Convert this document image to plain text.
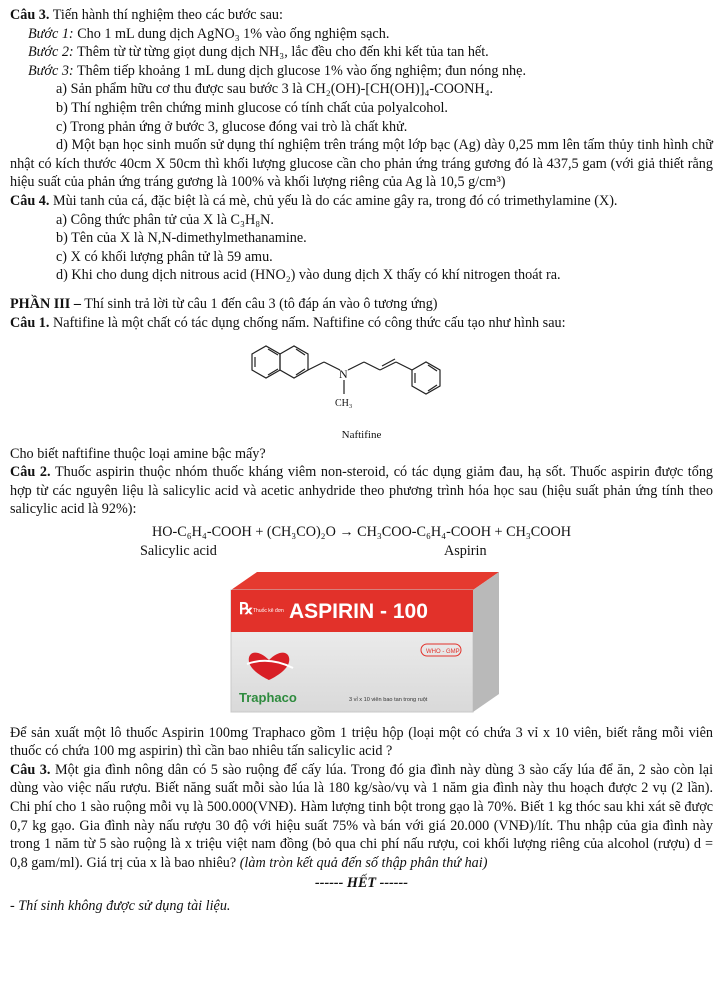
Câu 3. Tiến hành thí nghiệm theo các bước sau:

Bước 1: Cho 1 mL dung dịch AgNO₃ 1% vào ống nghiệm sạch.

Bước 2: Thêm từ từ từng giọt dung dịch NH₃, lắc đều cho đến khi kết tủa tan hết.

Bước 3: Thêm tiếp khoảng 1 mL dung dịch glucose 1% vào ống nghiệm; đun nóng nhẹ.

a) Sản phẩm hữu cơ thu được sau bước 3 là CH₂(OH)-[CH(OH)]₄-COONH₄.

b) Thí nghiệm trên chứng minh glucose có tính chất của polyalcohol.

c) Trong phản ứng ở bước 3, glucose đóng vai trò là chất khử.

d) Một bạn học sinh muốn sử dụng thí nghiệm trên tráng một lớp bạc (Ag) dày 0,25 mm lên tấm thủy tinh hình chữ nhật có kích thước 40cm X 50cm thì khối lượng glucose cần cho phản ứng tráng gương đó là 437,5 gam (với giả thiết rằng hiệu suất của phản ứng tráng gương là 100% và khối lượng riêng của Ag là 10,5 g/cm³)

Câu 4. Mùi tanh của cá, đặc biệt là cá mè, chủ yếu là do các amine gây ra, trong đó có trimethylamine (X).

a) Công thức phân tử của X là C₃H₈N.

b) Tên của X là N,N-dimethylmethanamine.

c) X có khối lượng phân tử là 59 amu.

d) Khi cho dung dịch nitrous acid (HNO₂) vào dung dịch X thấy có khí nitrogen thoát ra.

PHẦN III – Thí sinh trả lời từ câu 1 đến câu 3 (tô đáp án vào ô tương ứng)

Câu 1. Naftifine là một chất có tác dụng chống nấm. Naftifine có công thức cấu tạo như hình sau:

N
CH₃
Naftifine

Cho biết naftifine thuộc loại amine bậc mấy?

Câu 2. Thuốc aspirin thuộc nhóm thuốc kháng viêm non-steroid, có tác dụng giảm đau, hạ sốt. Thuốc aspirin được tổng hợp từ các nguyên liệu là salicylic acid và acetic anhydride theo phương trình hóa học sau (hiệu suất phản ứng tính theo salicylic acid là 92%):

HO-C₆H₄-COOH + (CH₃CO)₂O → CH₃COO-C₆H₄-COOH + CH₃COOH
Salicylic acid	Aspirin
℞ Thuốc kê đơn ASPIRIN - 100
WHO - GMP
Traphaco	3 vỉ x 10 viên bao tan trong ruột

Để sản xuất một lô thuốc Aspirin 100mg Traphaco gồm 1 triệu hộp (loại một có chứa 3 vỉ x 10 viên, biết rằng mỗi viên thuốc có chứa 100 mg aspirin) thì cần bao nhiêu tấn salicylic acid ?

Câu 3. Một gia đình nông dân có 5 sào ruộng để cấy lúa. Trong đó gia đình này dùng 3 sào cấy lúa để ăn, 2 sào còn lại dùng vào việc nấu rượu. Biết năng suất mỗi sào lúa là 180 kg/sào/vụ và 1 năm gia đình này thu hoạch được 2 vụ (2 lần). Chi phí cho 1 sào ruộng mỗi vụ là 500.000(VNĐ). Hàm lượng tinh bột trong gạo là 70%. Biết 1 kg thóc sau khi xát sẽ được 0,7 kg gạo. Gia đình này nấu rượu 30 độ với hiệu suất 75% và bán với giá 20.000 (VNĐ)/lít. Thu nhập của gia đình này trong 1 năm từ 5 sào ruộng là x triệu việt nam đồng (bỏ qua chi phí nấu rượu, coi khối lượng riêng của alcohol (rượu) d = 0,8 gam/ml). Giá trị của x là bao nhiêu? (làm tròn kết quả đến số thập phân thứ hai)

------ HẾT ------

- Thí sinh không được sử dụng tài liệu.
